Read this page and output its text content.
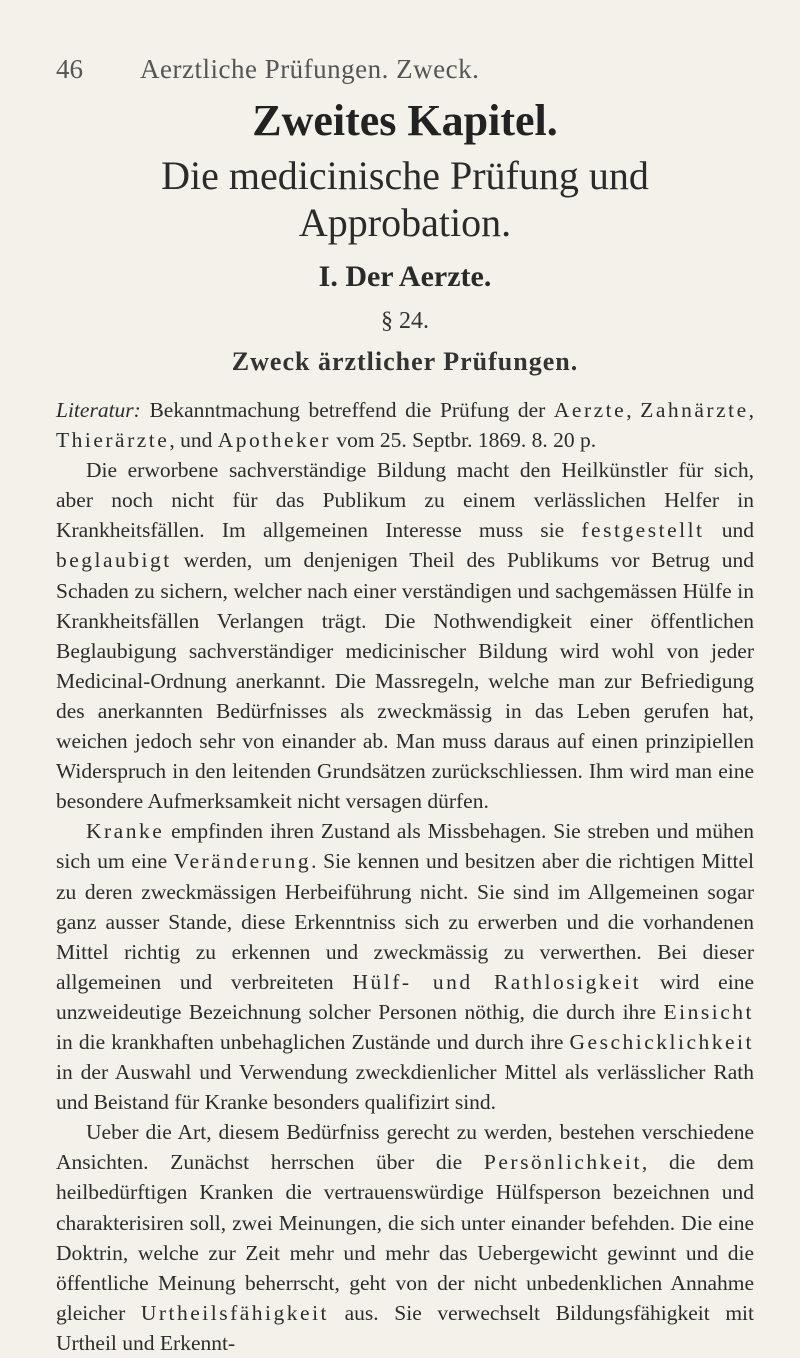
46	Aerztliche Prüfungen. Zweck.
Zweites Kapitel.
Die medicinische Prüfung und Approbation.
I. Der Aerzte.
§ 24.
Zweck ärztlicher Prüfungen.

Literatur: Bekanntmachung betreffend die Prüfung der Aerzte, Zahnärzte, Thierärzte, und Apotheker vom 25. Septbr. 1869. 8. 20 p.

Die erworbene sachverständige Bildung macht den Heilkünstler für sich, aber noch nicht für das Publikum zu einem verlässlichen Helfer in Krankheitsfällen. Im allgemeinen Interesse muss sie festgestellt und beglaubigt werden, um denjenigen Theil des Publikums vor Betrug und Schaden zu sichern, welcher nach einer verständigen und sachgemässen Hülfe in Krankheitsfällen Verlangen trägt. Die Nothwendigkeit einer öffentlichen Beglaubigung sachverständiger medicinischer Bildung wird wohl von jeder Medicinal-Ordnung anerkannt. Die Massregeln, welche man zur Befriedigung des anerkannten Bedürfnisses als zweckmässig in das Leben gerufen hat, weichen jedoch sehr von einander ab. Man muss daraus auf einen prinzipiellen Widerspruch in den leitenden Grundsätzen zurückschliessen. Ihm wird man eine besondere Aufmerksamkeit nicht versagen dürfen.

Kranke empfinden ihren Zustand als Missbehagen. Sie streben und mühen sich um eine Veränderung. Sie kennen und besitzen aber die richtigen Mittel zu deren zweckmässigen Herbeiführung nicht. Sie sind im Allgemeinen sogar ganz ausser Stande, diese Erkenntniss sich zu erwerben und die vorhandenen Mittel richtig zu erkennen und zweckmässig zu verwerthen. Bei dieser allgemeinen und verbreiteten Hülf- und Rathlosigkeit wird eine unzweideutige Bezeichnung solcher Personen nöthig, die durch ihre Einsicht in die krankhaften unbehaglichen Zustände und durch ihre Geschicklichkeit in der Auswahl und Verwendung zweckdienlicher Mittel als verlässlicher Rath und Beistand für Kranke besonders qualifizirt sind.

Ueber die Art, diesem Bedürfniss gerecht zu werden, bestehen verschiedene Ansichten. Zunächst herrschen über die Persönlichkeit, die dem heilbedürftigen Kranken die vertrauenswürdige Hülfsperson bezeichnen und charakterisiren soll, zwei Meinungen, die sich unter einander befehden. Die eine Doktrin, welche zur Zeit mehr und mehr das Uebergewicht gewinnt und die öffentliche Meinung beherrscht, geht von der nicht unbedenklichen Annahme gleicher Urtheilsfähigkeit aus. Sie verwechselt Bildungsfähigkeit mit Urtheil und Erkennt-
